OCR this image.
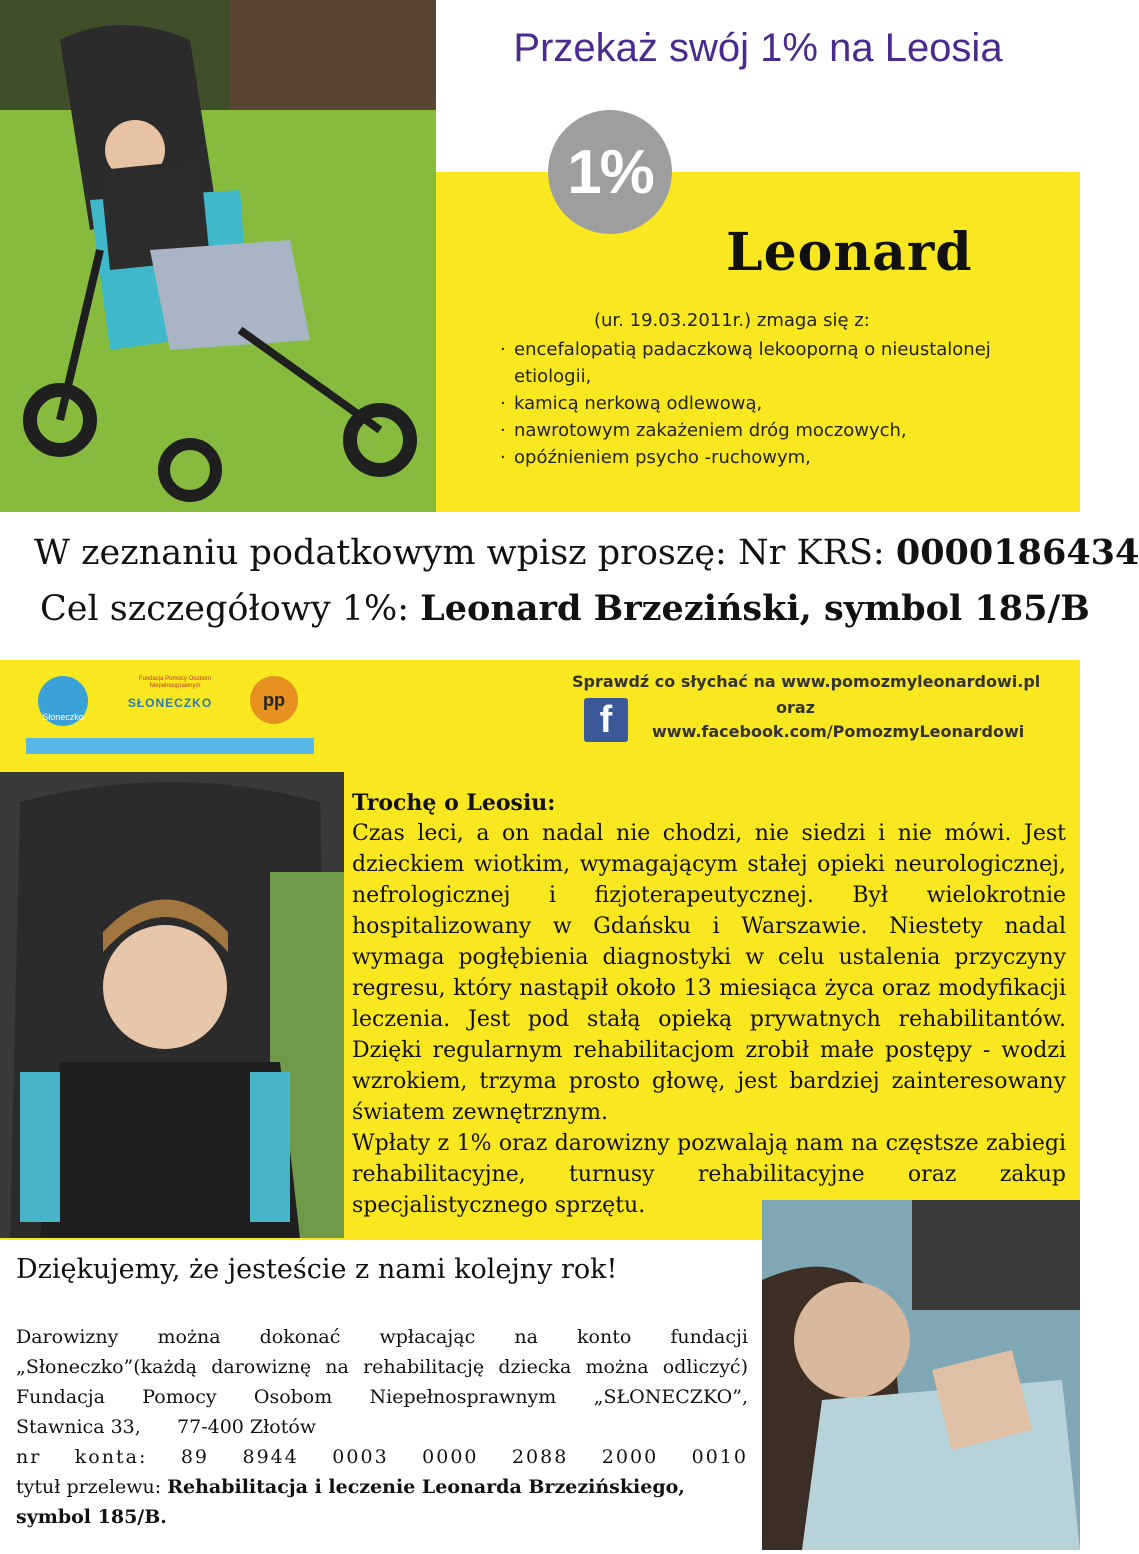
Przekaż swój 1% na Leosia
1%
Leonard
(ur. 19.03.2011r.) zmaga się z:
· encefalopatią padaczkową lekooporną o nieustalonej etiologii,
· kamicą nerkową odlewową,
· nawrotowym zakażeniem dróg moczowych,
· opóźnieniem psycho -ruchowym,
W zeznaniu podatkowym wpisz proszę: Nr KRS: 0000186434
Cel szczegółowy 1%: Leonard Brzeziński, symbol 185/B
Słoneczko
Fundacja Pomocy Osobom Niepełnosprawnym
SŁONECZKO	pp
Sprawdź co słychać na www.pomozmyleonardowi.pl
f	oraz
www.facebook.com/PomozmyLeonardowi
Trochę o Leosiu:
Czas leci, a on nadal nie chodzi, nie siedzi i nie mówi. Jest dzieckiem wiotkim, wymagającym stałej opieki neurologicznej, nefrologicznej i fizjoterapeutycznej. Był wielokrotnie hospitalizowany w Gdańsku i Warszawie. Niestety nadal wymaga pogłębienia diagnostyki w celu ustalenia przyczyny regresu, który nastąpił około 13 miesiąca życa oraz modyfikacji leczenia. Jest pod stałą opieką prywatnych rehabilitantów. Dzięki regularnym rehabilitacjom zrobił małe postępy - wodzi wzrokiem, trzyma prosto głowę, jest bardziej zainteresowany światem zewnętrznym.
Wpłaty z 1% oraz darowizny pozwalają nam na częstsze zabiegi rehabilitacyjne, turnusy rehabilitacyjne oraz zakup specjalistycznego sprzętu.
Dziękujemy, że jesteście z nami kolejny rok!
Darowizny można dokonać wpłacając na konto fundacji
„Słoneczko”(każdą darowiznę na rehabilitację dziecka można odliczyć)
Fundacja Pomocy Osobom Niepełnosprawnym „SŁONECZKO”,
Stawnica 33,      77-400 Złotów
nr konta: 89 8944 0003 0000 2088 2000 0010
tytuł przelewu: Rehabilitacja i leczenie Leonarda Brzezińskiego, symbol 185/B.
